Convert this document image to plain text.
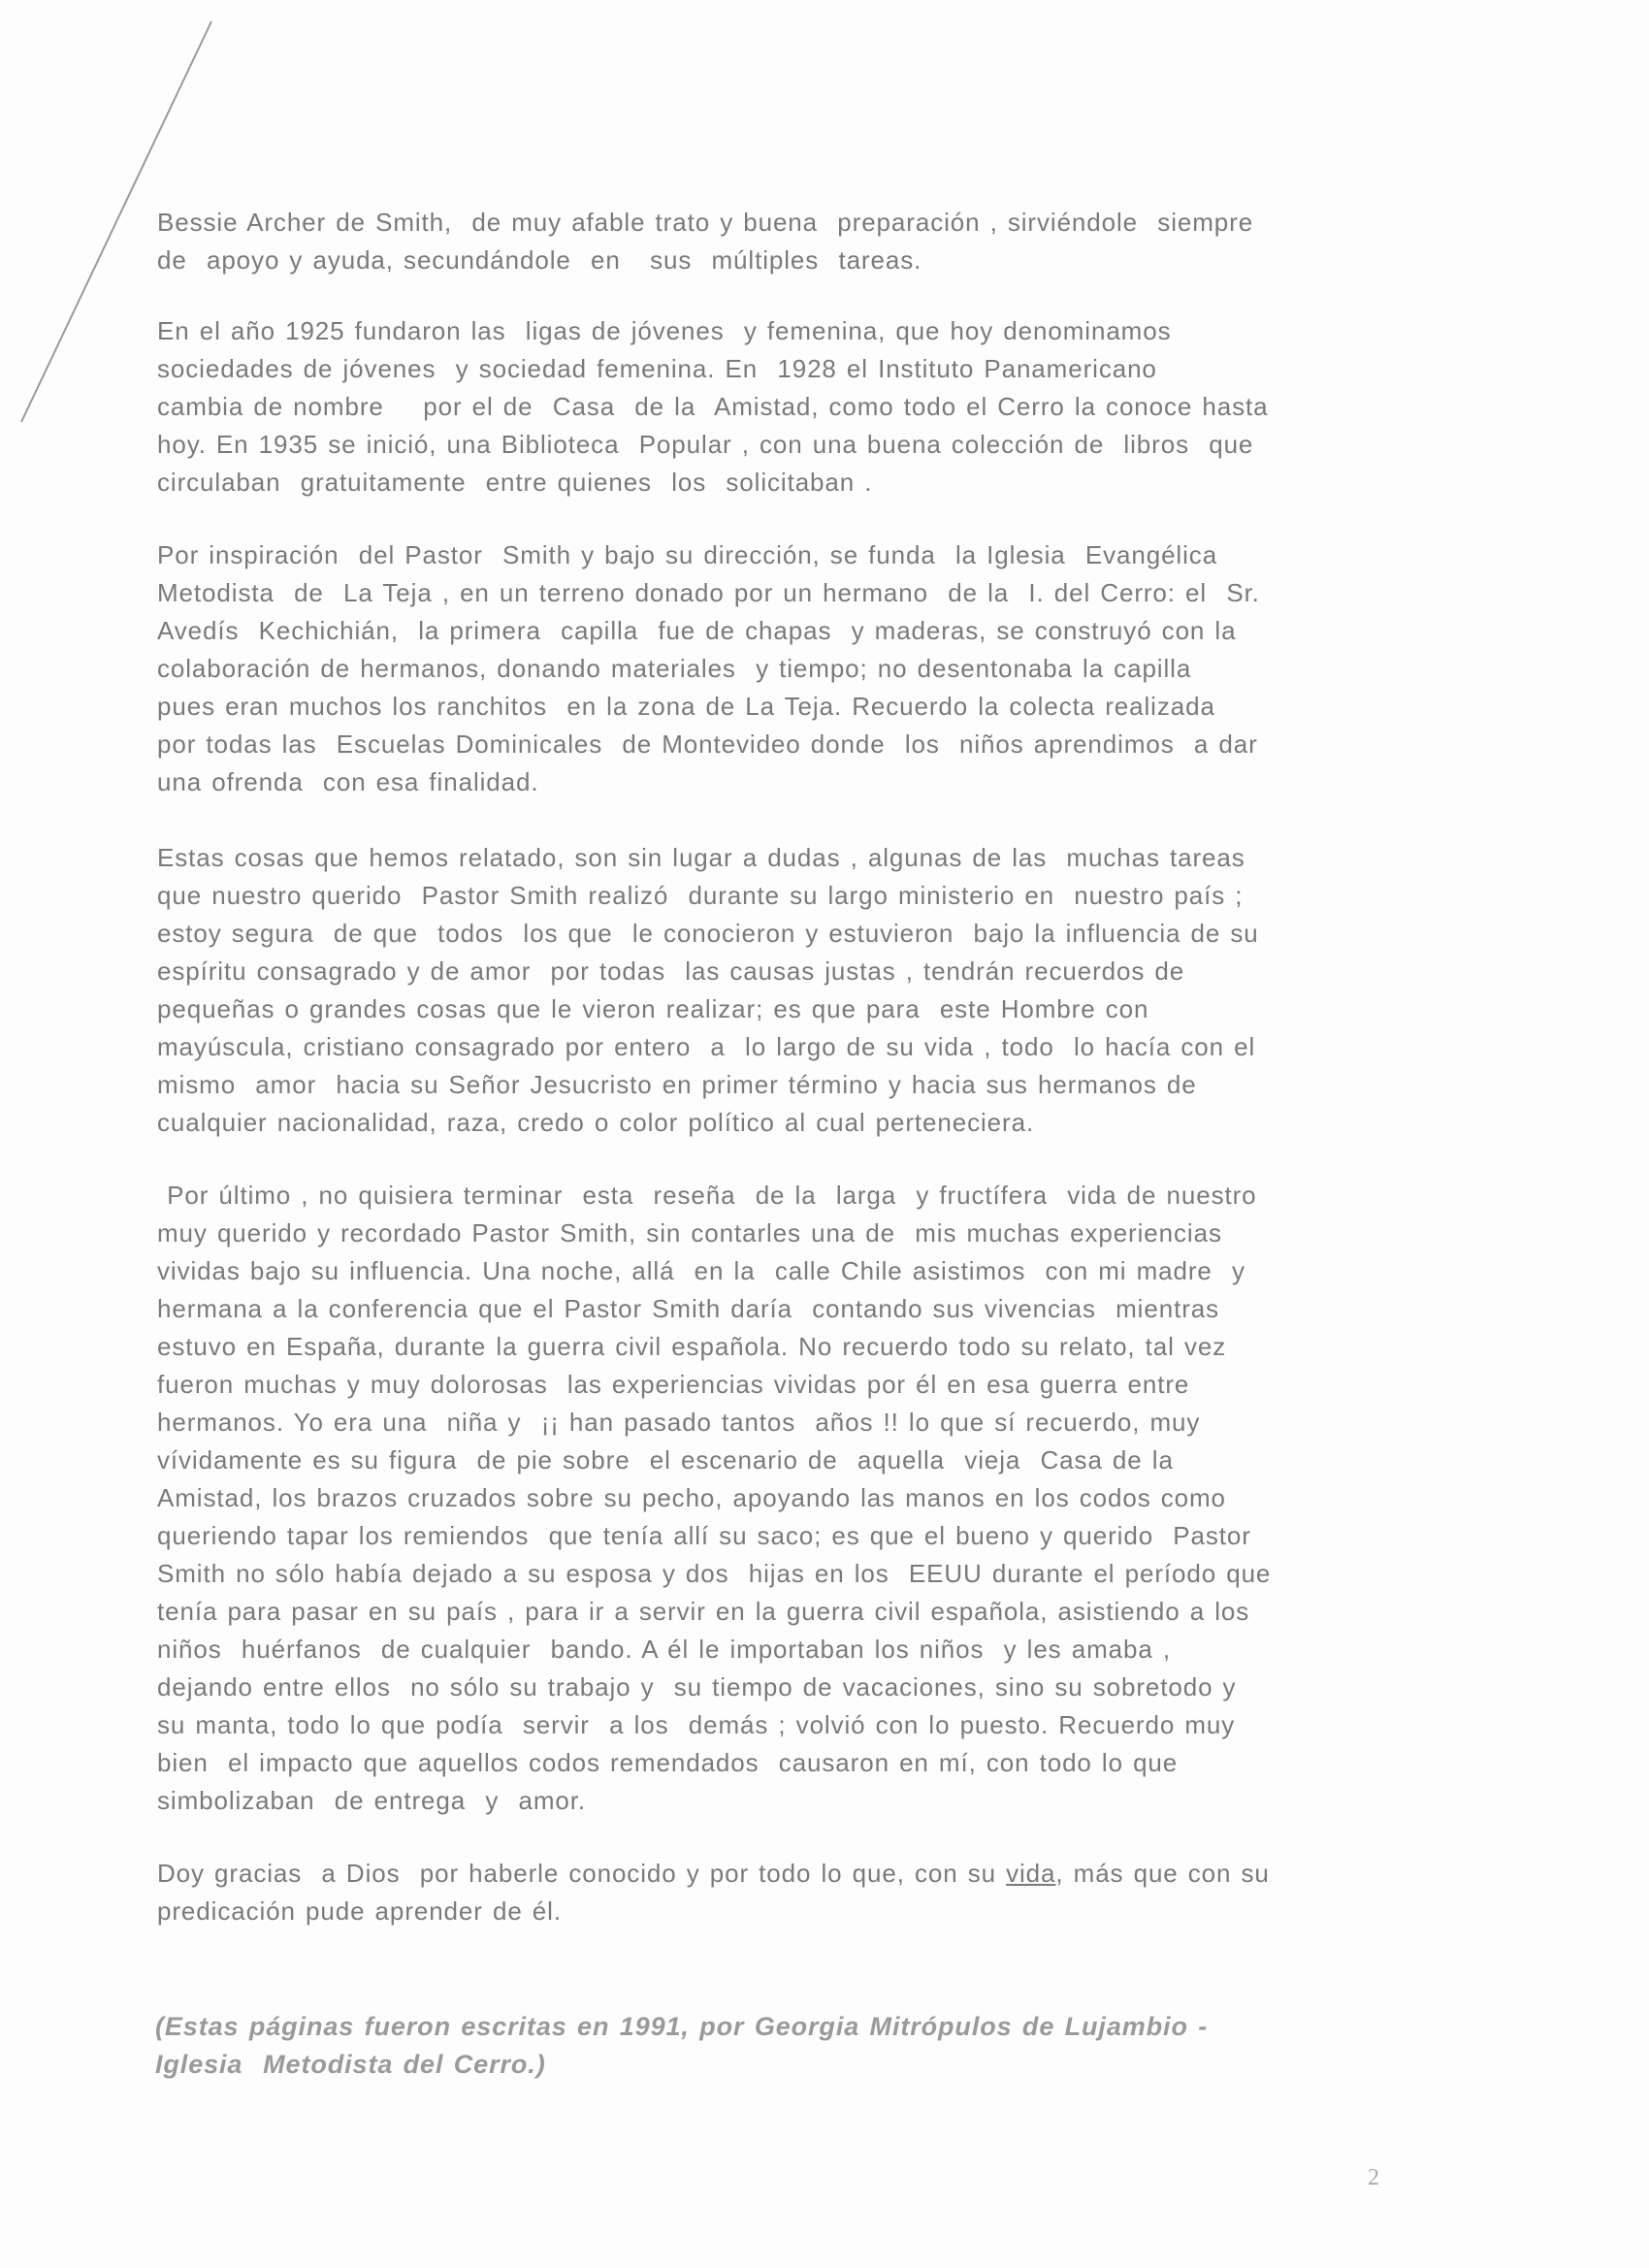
Bessie Archer de Smith,  de muy afable trato y buena  preparación , sirviéndole  siempre
de  apoyo y ayuda, secundándole  en   sus  múltiples  tareas.
En el año 1925 fundaron las  ligas de jóvenes  y femenina, que hoy denominamos
sociedades de jóvenes  y sociedad femenina. En  1928 el Instituto Panamericano
cambia de nombre    por el de  Casa  de la  Amistad, como todo el Cerro la conoce hasta
hoy. En 1935 se inició, una Biblioteca  Popular , con una buena colección de  libros  que
circulaban  gratuitamente  entre quienes  los  solicitaban .
Por inspiración  del Pastor  Smith y bajo su dirección, se funda  la Iglesia  Evangélica
Metodista  de  La Teja , en un terreno donado por un hermano  de la  I. del Cerro: el  Sr.
Avedís  Kechichián,  la primera  capilla  fue de chapas  y maderas, se construyó con la
colaboración de hermanos, donando materiales  y tiempo; no desentonaba la capilla
pues eran muchos los ranchitos  en la zona de La Teja. Recuerdo la colecta realizada
por todas las  Escuelas Dominicales  de Montevideo donde  los  niños aprendimos  a dar
una ofrenda  con esa finalidad.
Estas cosas que hemos relatado, son sin lugar a dudas , algunas de las  muchas tareas
que nuestro querido  Pastor Smith realizó  durante su largo ministerio en  nuestro país ;
estoy segura  de que  todos  los que  le conocieron y estuvieron  bajo la influencia de su
espíritu consagrado y de amor  por todas  las causas justas , tendrán recuerdos de
pequeñas o grandes cosas que le vieron realizar; es que para  este Hombre con
mayúscula, cristiano consagrado por entero  a  lo largo de su vida , todo  lo hacía con el
mismo  amor  hacia su Señor Jesucristo en primer término y hacia sus hermanos de
cualquier nacionalidad, raza, credo o color político al cual perteneciera.
Por último , no quisiera terminar  esta  reseña  de la  larga  y fructífera  vida de nuestro
muy querido y recordado Pastor Smith, sin contarles una de  mis muchas experiencias
vividas bajo su influencia. Una noche, allá  en la  calle Chile asistimos  con mi madre  y
hermana a la conferencia que el Pastor Smith daría  contando sus vivencias  mientras
estuvo en España, durante la guerra civil española. No recuerdo todo su relato, tal vez
fueron muchas y muy dolorosas  las experiencias vividas por él en esa guerra entre
hermanos. Yo era una  niña y  ¡¡ han pasado tantos  años !! lo que sí recuerdo, muy
vívidamente es su figura  de pie sobre  el escenario de  aquella  vieja  Casa de la
Amistad, los brazos cruzados sobre su pecho, apoyando las manos en los codos como
queriendo tapar los remiendos  que tenía allí su saco; es que el bueno y querido  Pastor
Smith no sólo había dejado a su esposa y dos  hijas en los  EEUU durante el período que
tenía para pasar en su país , para ir a servir en la guerra civil española, asistiendo a los
niños  huérfanos  de cualquier  bando. A él le importaban los niños  y les amaba ,
dejando entre ellos  no sólo su trabajo y  su tiempo de vacaciones, sino su sobretodo y
su manta, todo lo que podía  servir  a los  demás ; volvió con lo puesto. Recuerdo muy
bien  el impacto que aquellos codos remendados  causaron en mí, con todo lo que
simbolizaban  de entrega  y  amor.
Doy gracias  a Dios  por haberle conocido y por todo lo que, con su vida, más que con su
predicación pude aprender de él.
(Estas páginas fueron escritas en 1991, por Georgia Mitrópulos de Lujambio -
Iglesia  Metodista del Cerro.)
2
